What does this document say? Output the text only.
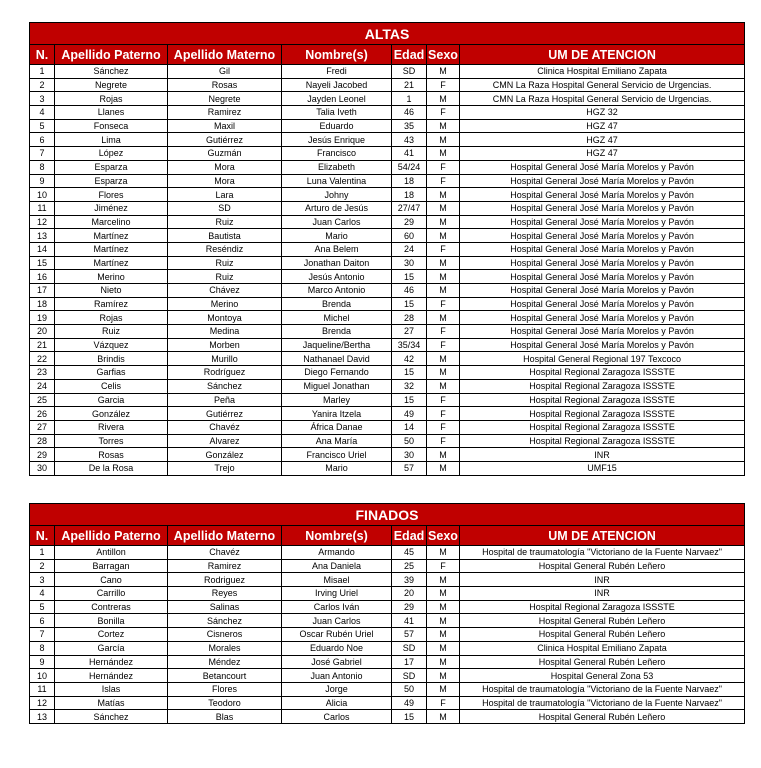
ALTAS						
N.	Apellido Paterno	Apellido Materno	Nombre(s)	Edad	Sexo	UM DE ATENCION
1	Sánchez	Gil	Fredi	SD	M	Clinica Hospital Emiliano Zapata
2	Negrete	Rosas	Nayeli Jacobed	21	F	CMN La Raza Hospital General Servicio de Urgencias.
3	Rojas	Negrete	Jayden Leonel	1	M	CMN La Raza Hospital General Servicio de Urgencias.
4	Llanes	Ramirez	Talia Iveth	46	F	HGZ 32
5	Fonseca	Maxil	Eduardo	35	M	HGZ 47
6	Lima	Gutiérrez	Jesús Enrique	43	M	HGZ 47
7	López	Guzmán	Francisco	41	M	HGZ 47
8	Esparza	Mora	Elizabeth	54/24	F	Hospital General José María Morelos y Pavón
9	Esparza	Mora	Luna Valentina	18	F	Hospital General José María Morelos y Pavón
10	Flores	Lara	Johny	18	M	Hospital General José María Morelos y Pavón
11	Jiménez	SD	Arturo de Jesús	27/47	M	Hospital General José María Morelos y Pavón
12	Marcelino	Ruiz	Juan Carlos	29	M	Hospital General José María Morelos y Pavón
13	Martínez	Bautista	Mario	60	M	Hospital General José María Morelos y Pavón
14	Martínez	Reséndiz	Ana Belem	24	F	Hospital General José María Morelos y Pavón
15	Martínez	Ruiz	Jonathan Daiton	30	M	Hospital General José María Morelos y Pavón
16	Merino	Ruiz	Jesús Antonio	15	M	Hospital General José María Morelos y Pavón
17	Nieto	Chávez	Marco Antonio	46	M	Hospital General José María Morelos y Pavón
18	Ramírez	Merino	Brenda	15	F	Hospital General José María Morelos y Pavón
19	Rojas	Montoya	Michel	28	M	Hospital General José María Morelos y Pavón
20	Ruiz	Medina	Brenda	27	F	Hospital General José María Morelos y Pavón
21	Vázquez	Morben	Jaqueline/Bertha	35/34	F	Hospital General José María Morelos y Pavón
22	Brindis	Murillo	Nathanael David	42	M	Hospital General Regional 197 Texcoco
23	Garfias	Rodríguez	Diego Fernando	15	M	Hospital Regional Zaragoza ISSSTE
24	Celis	Sánchez	Miguel Jonathan	32	M	Hospital Regional Zaragoza ISSSTE
25	Garcia	Peña	Marley	15	F	Hospital Regional Zaragoza ISSSTE
26	González	Gutiérrez	Yanira Itzela	49	F	Hospital Regional Zaragoza ISSSTE
27	Rivera	Chavéz	África Danae	14	F	Hospital Regional Zaragoza ISSSTE
28	Torres	Alvarez	Ana María	50	F	Hospital Regional Zaragoza ISSSTE
29	Rosas	González	Francisco Uriel	30	M	INR
30	De la Rosa	Trejo	Mario	57	M	UMF15
FINADOS						
N.	Apellido Paterno	Apellido Materno	Nombre(s)	Edad	Sexo	UM DE ATENCION
1	Antillon	Chavéz	Armando	45	M	Hospital de traumatología "Victoriano de la Fuente Narvaez"
2	Barragan	Ramirez	Ana Daniela	25	F	Hospital General Rubén Leñero
3	Cano	Rodriguez	Misael	39	M	INR
4	Carrillo	Reyes	Irving Uriel	20	M	INR
5	Contreras	Salinas	Carlos Iván	29	M	Hospital Regional Zaragoza ISSSTE
6	Bonilla	Sánchez	Juan Carlos	41	M	Hospital General Rubén Leñero
7	Cortez	Cisneros	Oscar Rubén Uriel	57	M	Hospital General Rubén Leñero
8	García	Morales	Eduardo Noe	SD	M	Clinica Hospital Emiliano Zapata
9	Hernández	Méndez	José Gabriel	17	M	Hospital General Rubén Leñero
10	Hernández	Betancourt	Juan Antonio	SD	M	Hospital General Zona 53
11	Islas	Flores	Jorge	50	M	Hospital de traumatología "Victoriano de la Fuente Narvaez"
12	Matías	Teodoro	Alicia	49	F	Hospital de traumatología "Victoriano de la Fuente Narvaez"
13	Sánchez	Blas	Carlos	15	M	Hospital General Rubén Leñero
